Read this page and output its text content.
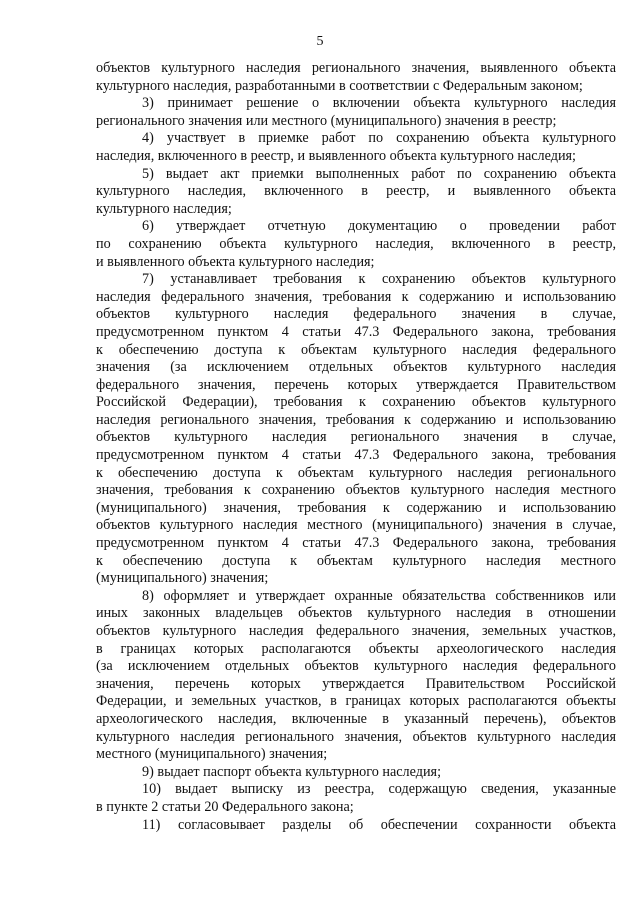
5
объектов культурного наследия регионального значения, выявленного объекта
культурного наследия, разработанными в соответствии с Федеральным законом;
3) принимает решение о включении объекта культурного наследия
регионального значения или местного (муниципального) значения в реестр;
4) участвует в приемке работ по сохранению объекта культурного
наследия, включенного в реестр, и выявленного объекта культурного наследия;
5) выдает акт приемки выполненных работ по сохранению объекта
культурного наследия, включенного в реестр, и выявленного объекта
культурного наследия;
6) утверждает отчетную документацию о проведении работ
по сохранению объекта культурного наследия, включенного в реестр,
и выявленного объекта культурного наследия;
7) устанавливает требования к сохранению объектов культурного
наследия федерального значения, требования к содержанию и использованию
объектов культурного наследия федерального значения в случае,
предусмотренном пунктом 4 статьи 47.3 Федерального закона, требования
к обеспечению доступа к объектам культурного наследия федерального
значения (за исключением отдельных объектов культурного наследия
федерального значения, перечень которых утверждается Правительством
Российской Федерации), требования к сохранению объектов культурного
наследия регионального значения, требования к содержанию и использованию
объектов культурного наследия регионального значения в случае,
предусмотренном пунктом 4 статьи 47.3 Федерального закона, требования
к обеспечению доступа к объектам культурного наследия регионального
значения, требования к сохранению объектов культурного наследия местного
(муниципального) значения, требования к содержанию и использованию
объектов культурного наследия местного (муниципального) значения в случае,
предусмотренном пунктом 4 статьи 47.3 Федерального закона, требования
к обеспечению доступа к объектам культурного наследия местного
(муниципального) значения;
8) оформляет и утверждает охранные обязательства собственников или
иных законных владельцев объектов культурного наследия в отношении
объектов культурного наследия федерального значения, земельных участков,
в границах которых располагаются объекты археологического наследия
(за исключением отдельных объектов культурного наследия федерального
значения, перечень которых утверждается Правительством Российской
Федерации, и земельных участков, в границах которых располагаются объекты
археологического наследия, включенные в указанный перечень), объектов
культурного наследия регионального значения, объектов культурного наследия
местного (муниципального) значения;
9) выдает паспорт объекта культурного наследия;
10) выдает выписку из реестра, содержащую сведения, указанные
в пункте 2 статьи 20 Федерального закона;
11) согласовывает разделы об обеспечении сохранности объекта
